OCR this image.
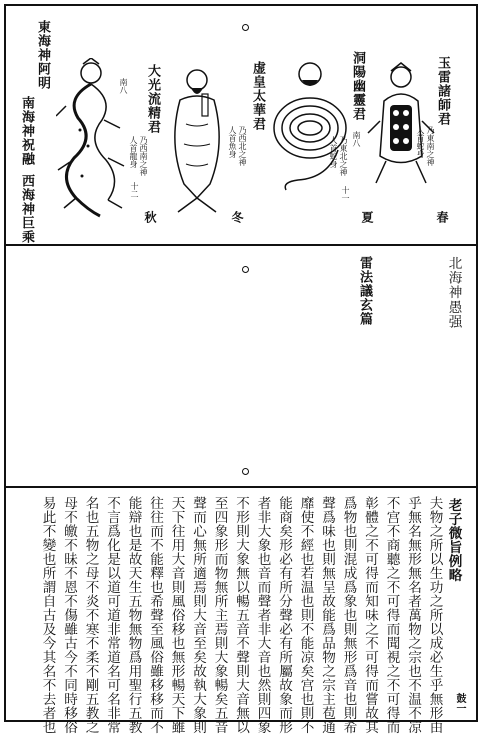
玉雷諸師君
乃東南之神
人首蛇身
春
洞陽幽靈君
南八
乃東北之神
人首蛇身
十一
夏
虚皇太華君
乃西北之神
人首魚身
冬
大光流精君
南八
乃西南之神
人首龍身
十二
秋
東海神阿明
南海神祝融
西海神巨乘
北海神愚强
雷法議玄篇
老子微旨例略
夫物之所以生功之所以成必生乎無形由
乎無名無形無名者萬物之宗也不温不凉
不宫不商聽之不可得而聞視之不可得而
彰體之不可得而知味之不可得而嘗故其
爲物也則混成爲象也則無形爲音也則希
聲爲味也則無呈故能爲品物之宗主苞通
靡使不經也若温也則不能凉矣宫也則不
能商矣形必有所分聲必有所屬故象而形
者非大象也音而聲者非大音也然則四象
不形則大象無以暢五音不聲則大音無以
至四象形而物無所主焉則大象暢矣五音
聲而心無所適焉則大音至矣故執大象則
天下往用大音則風俗移也無形暢天下雖
往往而不能釋也希聲至風俗雖移移而不
能辯也是故天生五物無物爲用聖行五教
不言爲化是以道可道非常道名可名非常
名也五物之母不炎不寒不柔不剛五教之
母不皦不昧不恩不傷雖古今不同時移俗
易此不變也所謂自古及今其名不去者也	鼓一
